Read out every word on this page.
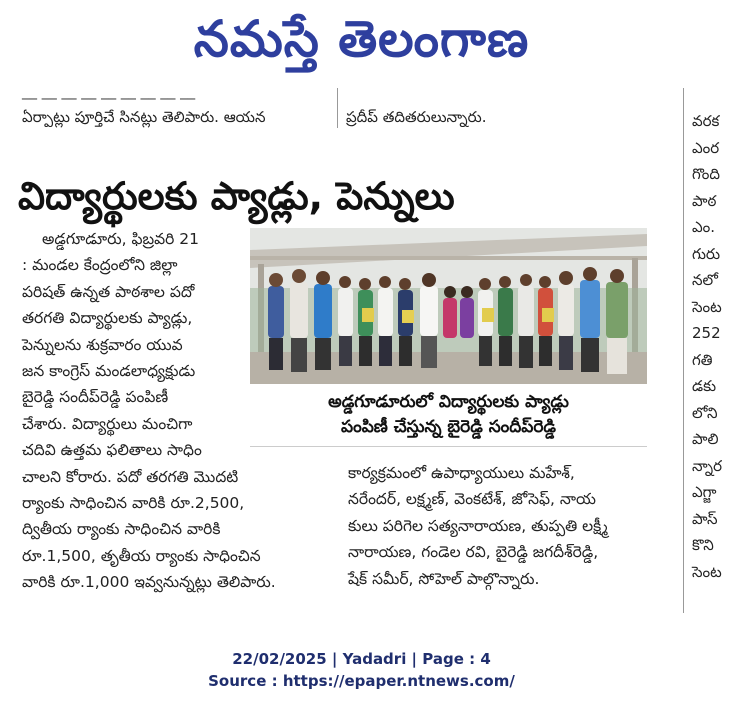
నమస్తే తెలంగాణ
__ __ __ __ __ __ __ __ __
ఏర్పాట్లు పూర్తిచే సినట్లు తెలిపారు. ఆయన	ప్రదీప్ తదితరులున్నారు.
విద్యార్థులకు ప్యాడ్లు, పెన్నులు

అడ్డగూడూరు, ఫిబ్రవరి 21

: మండల కేంద్రంలోని జిల్లా

పరిషత్ ఉన్నత పాఠశాల పదో

తరగతి విద్యార్థులకు ప్యాడ్లు,

పెన్నులను శుక్రవారం యువ

జన కాంగ్రెస్ మండలాధ్యక్షుడు

బైరెడ్డి సందీప్‌రెడ్డి పంపిణీ

చేశారు. విద్యార్థులు మంచిగా

చదివి ఉత్తమ ఫలితాలు సాధిం

చాలని కోరారు. పదో తరగతి మొదటి

ర్యాంకు సాధించిన వారికి రూ.2,500,

ద్వితీయ ర్యాంకు సాధించిన వారికి

రూ.1,500, తృతీయ ర్యాంకు సాధించిన

వారికి రూ.1,000 ఇవ్వనున్నట్లు తెలిపారు.

అడ్డగూడూరులో విద్యార్థులకు ప్యాడ్లు
పంపిణీ చేస్తున్న బైరెడ్డి సందీప్‌రెడ్డి

కార్యక్రమంలో ఉపాధ్యాయులు మహేశ్,

నరేందర్, లక్ష్మణ్, వెంకటేశ్, జోసెఫ్, నాయ

కులు పరిగెల సత్యనారాయణ, తుప్పతి లక్ష్మీ

నారాయణ, గండెల రవి, బైరెడ్డి జగదీశ్‌రెడ్డి,

షేక్ సమీర్, సోహెల్ పాల్గొన్నారు.

వరక
ఎంర
గొంది
పాఠ
ఎం.
గురు
నలో
సెంట
252
గతి
డకు
లోని
పాలి
న్నార
ఎగ్జా
పాస్
కొని
సెంట
22/02/2025 | Yadadri | Page : 4
Source : https://epaper.ntnews.com/
